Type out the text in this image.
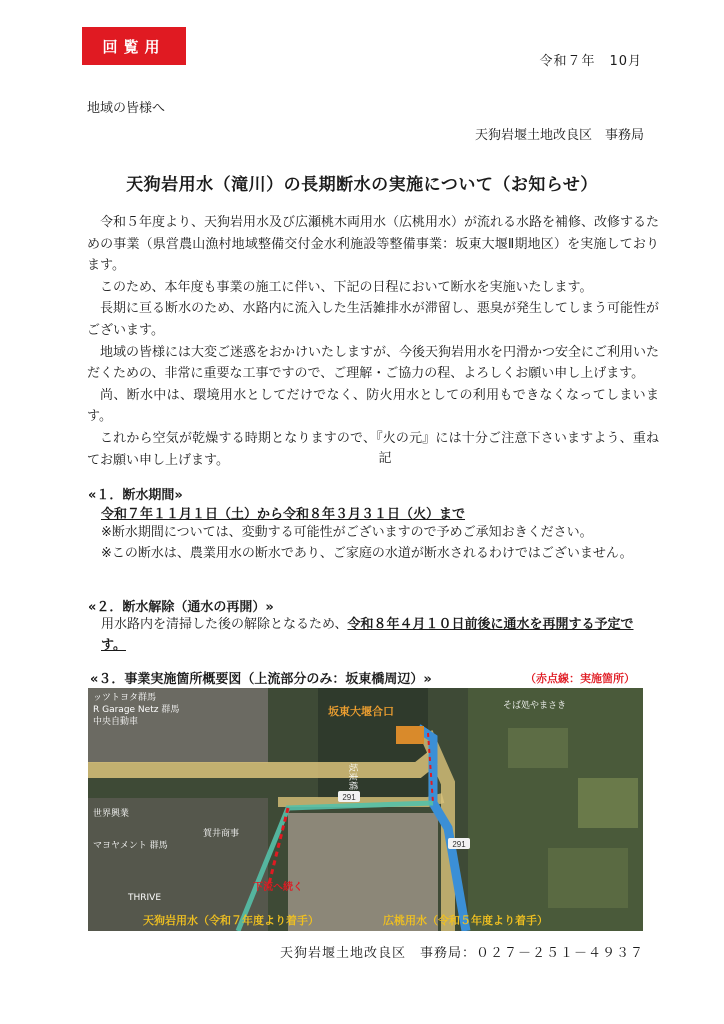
回覧用
令和７年　10月
地域の皆様へ
天狗岩堰土地改良区　事務局
天狗岩用水（滝川）の長期断水の実施について（お知らせ）

令和５年度より、天狗岩用水及び広瀬桃木両用水（広桃用水）が流れる水路を補修、改修するための事業（県営農山漁村地域整備交付金水利施設等整備事業：坂東大堰Ⅱ期地区）を実施しております。

このため、本年度も事業の施工に伴い、下記の日程において断水を実施いたします。

長期に亘る断水のため、水路内に流入した生活雑排水が滞留し、悪臭が発生してしまう可能性がございます。

地域の皆様には大変ご迷惑をおかけいたしますが、今後天狗岩用水を円滑かつ安全にご利用いただくための、非常に重要な工事ですので、ご理解・ご協力の程、よろしくお願い申し上げます。

尚、断水中は、環境用水としてだけでなく、防火用水としての利用もできなくなってしまいます。

これから空気が乾燥する時期となりますので、『火の元』には十分ご注意下さいますよう、重ねてお願い申し上げます。	記
«１．断水期間»
令和７年１１月１日（土）から令和８年３月３１日（火）まで
※断水期間については、変動する可能性がございますので予めご承知おきください。
※この断水は、農業用水の断水であり、ご家庭の水道が断水されるわけではございません。
«２．断水解除（通水の再開）»
用水路内を清掃した後の解除となるため、令和８年４月１０日前後に通水を再開する予定です。
«３．事業実施箇所概要図（上流部分のみ：坂東橋周辺）»	（赤点線：実施箇所）
291
291
坂東大堰合口
ッツトヨタ群馬
R Garage Netz 群馬
中央自動車
世界興業
マヨヤメント 群馬
賀井商事
THRIVE
そば処やまさき
坂東橋
下流へ続く
天狗岩用水（令和７年度より着手）	広桃用水（令和５年度より着手）
天狗岩堰土地改良区　事務局：０２７－２５１－４９３７
